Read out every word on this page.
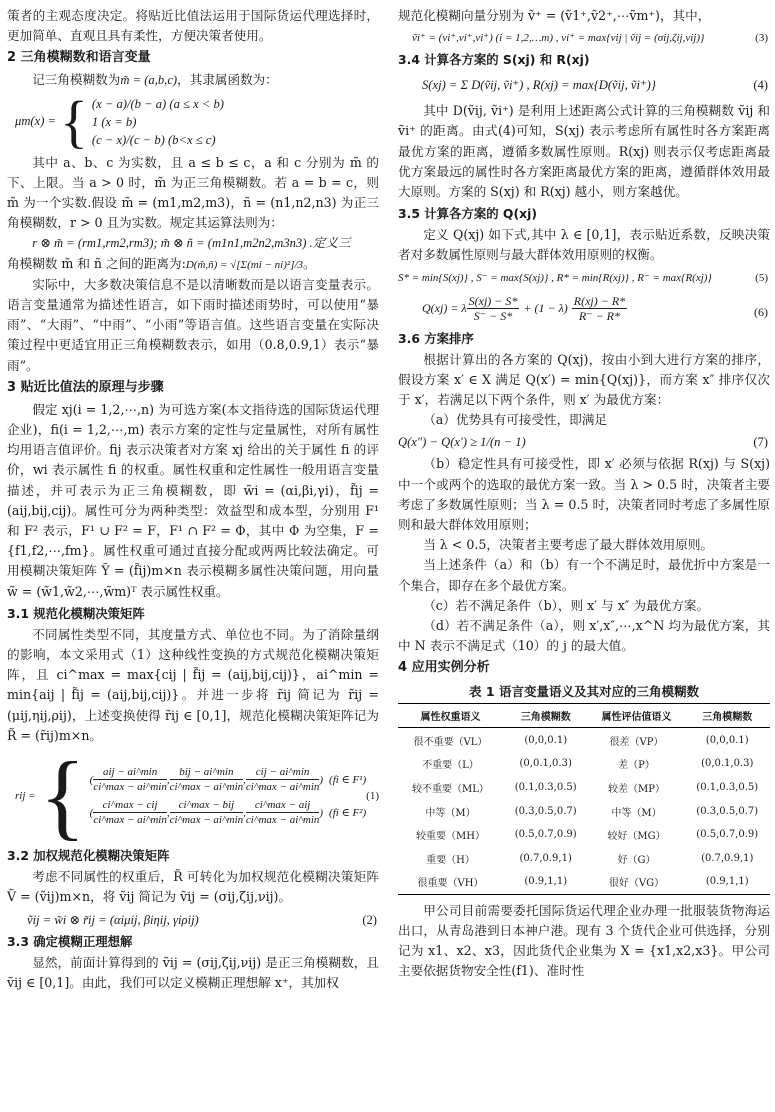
策者的主观态度决定。将贴近比值法运用于国际货运代理选择时，更加简单、直观且具有柔性，方便决策者使用。

2 三角模糊数和语言变量

记三角模糊数为m̃ = (a,b,c)，其隶属函数为：

μm(x) = { (x − a)/(b − a) (a ≤ x < b)
1 (x = b)
(c − x)/(c − b) (b<x ≤ c)

其中 a、b、c 为实数，且 a ≤ b ≤ c，a 和 c 分别为 m̃ 的下、上限。当 a > 0 时，m̃ 为正三角模糊数。若 a = b = c，则 m̃ 为一个实数.假设 m̃ = (m1,m2,m3)，ñ = (n1,n2,n3) 为正三角模糊数，r > 0 且为实数。规定其运算法则为：

r ⊗ m̃ = (rm1,rm2,rm3); m̃ ⊗ ñ = (m1n1,m2n2,m3n3) .定义三

角模糊数 m̃ 和 ñ 之间的距离为:D(m̃,ñ) = √[Σ(mi − ni)²]/3。

实际中，大多数决策信息不是以清晰数而是以语言变量表示。语言变量通常为描述性语言，如下雨时描述雨势时，可以使用“暴雨”、“大雨”、“中雨”、“小雨”等语言值。这些语言变量在实际决策过程中更适宜用正三角模糊数表示，如用（0.8,0.9,1）表示“暴雨”。

3 贴近比值法的原理与步骤

假定 xj(i = 1,2,⋯,n) 为可选方案(本文指待选的国际货运代理企业)，fi(i = 1,2,⋯,m) 表示方案的定性与定量属性，对所有属性均用语言值评价。fij 表示决策者对方案 xj 给出的关于属性 fi 的评价，wi 表示属性 fi 的权重。属性权重和定性属性一般用语言变量描述，并可表示为正三角模糊数，即 w̃i = (αi,βi,γi)，f̃ij = (aij,bij,cij)。属性可分为两种类型：效益型和成本型，分别用 F¹ 和 F² 表示，F¹ ∪ F² = F，F¹ ∩ F² = Φ，其中 Φ 为空集，F = {f1,f2,⋯,fm}。属性权重可通过直接分配或两两比较法确定。可用模糊决策矩阵 Ỹ = (f̃ij)m×n 表示模糊多属性决策问题，用向量 w̃ = (w̃1,w̃2,⋯,w̃m)ᵀ 表示属性权重。

3.1 规范化模糊决策矩阵

不同属性类型不同，其度量方式、单位也不同。为了消除量纲的影响，本文采用式（1）这种线性变换的方式规范化模糊决策矩阵，且 ci^max = max{cij | f̃ij = (aij,bij,cij)}，ai^min = min{aij | f̃ij = (aij,bij,cij)}。并进一步将 r̃ij 简记为 r̃ij = (μij,ηij,ρij)，上述变换使得 r̃ij ∈ [0,1]，规范化模糊决策矩阵记为 R̃ = (r̃ij)m×n。

rij = { ( $\frac{\text{aij − ai\textasciicircum{}min}}{ci\^{}\max - ai\^{}\min}$ , $\frac{\text{bij − ai\textasciicircum{}min}}{ci\^{}\max - ai\^{}\min}$ , $\frac{\text{cij − ai\textasciicircum{}min}}{ci\^{}\max - ai\^{}\min}$ ) (fi ∈ F¹)
( $\frac{\text{ci\textasciicircum{}max − cij}}{ci\^{}\max - ai\^{}\min}$ , $\frac{\text{ci\textasciicircum{}max − bij}}{ci\^{}\max - ai\^{}\min}$ , $\frac{\text{ci\textasciicircum{}max − aij}}{ci\^{}\max - ai\^{}\min}$ ) (fi ∈ F²)
(1)
3.2 加权规范化模糊决策矩阵

考虑不同属性的权重后，R̃ 可转化为加权规范化模糊决策矩阵 Ṽ = (ṽij)m×n，将 ṽij 简记为 ṽij = (σij,ζij,νij)。

ṽij = w̃i ⊗ r̃ij = (αiμij, βiηij, γiρij)	(2)
3.3 确定模糊正理想解

显然，前面计算得到的 ṽij = (σij,ζij,νij) 是正三角模糊数，且 ṽij ∈ [0,1]。由此，我们可以定义模糊正理想解 x⁺，其加权

规范化模糊向量分别为 ṽ⁺ = (ṽ1⁺,ṽ2⁺,⋯ṽm⁺)，其中，

ṽi⁺ = (vi⁺,vi⁺,vi⁺) (i = 1,2,…m) , vi⁺ = max{vij | ṽij = (σij,ζij,νij)}	(3)
3.4 计算各方案的 S(xj) 和 R(xj)
S(xj) = Σ D(ṽij, ṽi⁺) , R(xj) = max{D(ṽij, ṽi⁺)}	(4)

其中 D(ṽij, ṽi⁺) 是利用上述距离公式计算的三角模糊数 ṽij 和 ṽi⁺ 的距离。由式(4)可知，S(xj) 表示考虑所有属性时各方案距离最优方案的距离，遵循多数属性原则。R(xj) 则表示仅考虑距离最优方案最远的属性时各方案距离最优方案的距离，遵循群体效用最大原则。方案的 S(xj) 和 R(xj) 越小，则方案越优。

3.5 计算各方案的 Q(xj)

定义 Q(xj) 如下式,其中 λ ∈ [0,1]，表示贴近系数，反映决策者对多数属性原则与最大群体效用原则的权衡。

S* = min{S(xj)} , S⁻ = max{S(xj)} , R* = min{R(xj)} , R⁻ = max{R(xj)}	(5)
Q(xj) = λ $\frac{S(xj) - S*}{S^- - S*} + (1 - \lambda) \frac{R(xj) - R*}{R^- - R*}$	(6)
3.6 方案排序

根据计算出的各方案的 Q(xj)，按由小到大进行方案的排序，假设方案 x′ ∈ X 满足 Q(x′) = min{Q(xj)}，而方案 x″ 排序仅次于 x′，若满足以下两个条件，则 x′ 为最优方案：

（a）优势具有可接受性，即满足

Q(x″) − Q(x′) ≥ 1/(n − 1)	(7)

（b）稳定性具有可接受性，即 x′ 必须与依据 R(xj) 与 S(xj) 中一个或两个的选取的最优方案一致。当 λ > 0.5 时，决策者主要考虑了多数属性原则；当 λ = 0.5 时，决策者同时考虑了多属性原则和最大群体效用原则；

当 λ < 0.5，决策者主要考虑了最大群体效用原则。

当上述条件（a）和（b）有一个不满足时，最优折中方案是一个集合，即存在多个最优方案。

（c）若不满足条件（b），则 x′ 与 x″ 为最优方案。

（d）若不满足条件（a），则 x′,x″,⋯,x^N 均为最优方案，其中 N 表示不满足式（10）的 j 的最大值。

4 应用实例分析
表 1 语言变量语义及其对应的三角模糊数
属性权重语义	三角模糊数	属性评估值语义	三角模糊数
很不重要（VL）	(0,0,0.1)	很差（VP）	(0,0,0.1)
不重要（L）	(0,0.1,0.3)	差（P）	(0,0.1,0.3)
较不重要（ML）	(0.1,0.3,0.5)	较差（MP）	(0.1,0.3,0.5)
中等（M）	(0.3,0.5,0.7)	中等（M）	(0.3,0.5,0.7)
较重要（MH）	(0.5,0.7,0.9)	较好（MG）	(0.5,0.7,0.9)
重要（H）	(0.7,0.9,1)	好（G）	(0.7,0.9,1)
很重要（VH）	(0.9,1,1)	很好（VG）	(0.9,1,1)

甲公司目前需要委托国际货运代理企业办理一批服装货物海运出口，从青岛港到日本神户港。现有 3 个货代企业可供选择，分别记为 x1、x2、x3，因此货代企业集为 X = {x1,x2,x3}。甲公司主要依据货物安全性(f1)、准时性
